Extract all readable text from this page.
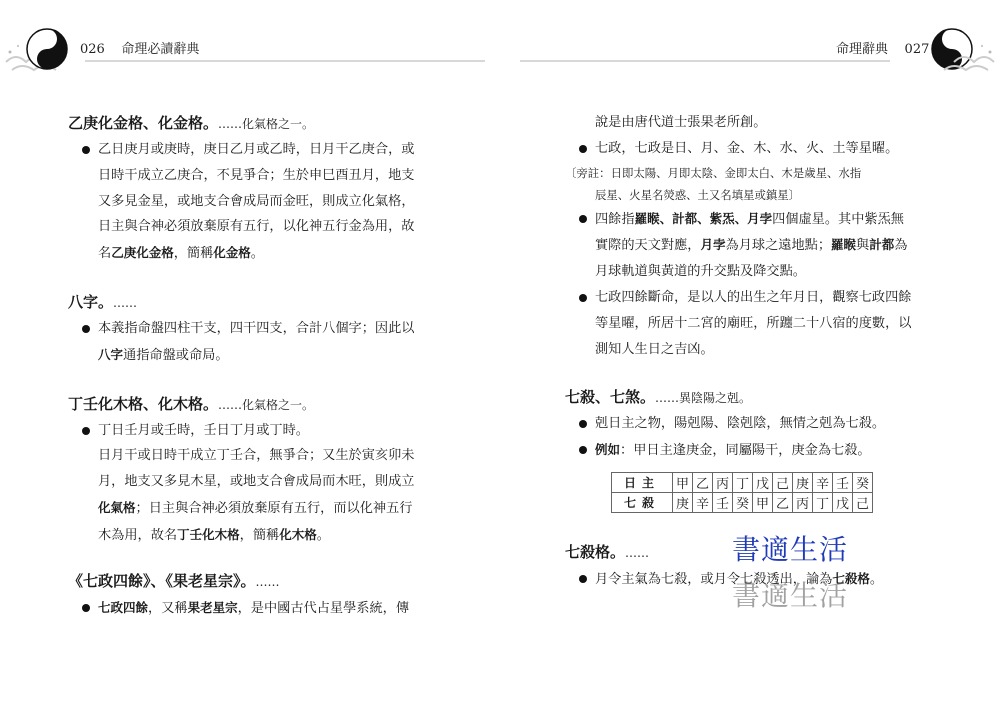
026 命理必讀辭典	命理辭典 027

乙庚化金格、化金格。……化氣格之一。

乙日庚月或庚時，庚日乙月或乙時，日月干乙庚合，或

日時干成立乙庚合，不見爭合；生於申巳酉丑月，地支

又多見金星，或地支合會成局而金旺，則成立化氣格，

日主與合神必須放棄原有五行，以化神五行金為用，故

名乙庚化金格，簡稱化金格。

八字。……

本義指命盤四柱干支，四干四支，合計八個字；因此以

八字通指命盤或命局。

丁壬化木格、化木格。……化氣格之一。

丁日壬月或壬時，壬日丁月或丁時。

日月干或日時干成立丁壬合，無爭合；又生於寅亥卯未

月，地支又多見木星，或地支合會成局而木旺，則成立

化氣格；日主與合神必須放棄原有五行，而以化神五行

木為用，故名丁壬化木格，簡稱化木格。

《七政四餘》、《果老星宗》。……

七政四餘，又稱果老星宗，是中國古代占星學系統，傳

說是由唐代道士張果老所創。

七政，七政是日、月、金、木、水、火、土等星曜。

〔旁註：日即太陽、月即太陰、金即太白、木是歲星、水指
辰星、火星名熒惑、土又名填星或鎮星〕

四餘指羅睺、計都、紫炁、月孛四個虛星。其中紫炁無

實際的天文對應，月孛為月球之遠地點；羅睺與計都為

月球軌道與黃道的升交點及降交點。

七政四餘斷命，是以人的出生之年月日，觀察七政四餘

等星曜，所居十二宮的廟旺，所躔二十八宿的度數，以

測知人生日之吉凶。

七殺、七煞。……異陰陽之剋。

剋日主之物，陽剋陽、陰剋陰，無情之剋為七殺。

例如：甲日主逢庚金，同屬陽干，庚金為七殺。

日主	甲	乙	丙	丁	戊	己	庚	辛	壬	癸
七殺	庚	辛	壬	癸	甲	乙	丙	丁	戊	己

七殺格。……

月令主氣為七殺，或月令七殺透出，論為七殺格。

書適生活
書適生活
